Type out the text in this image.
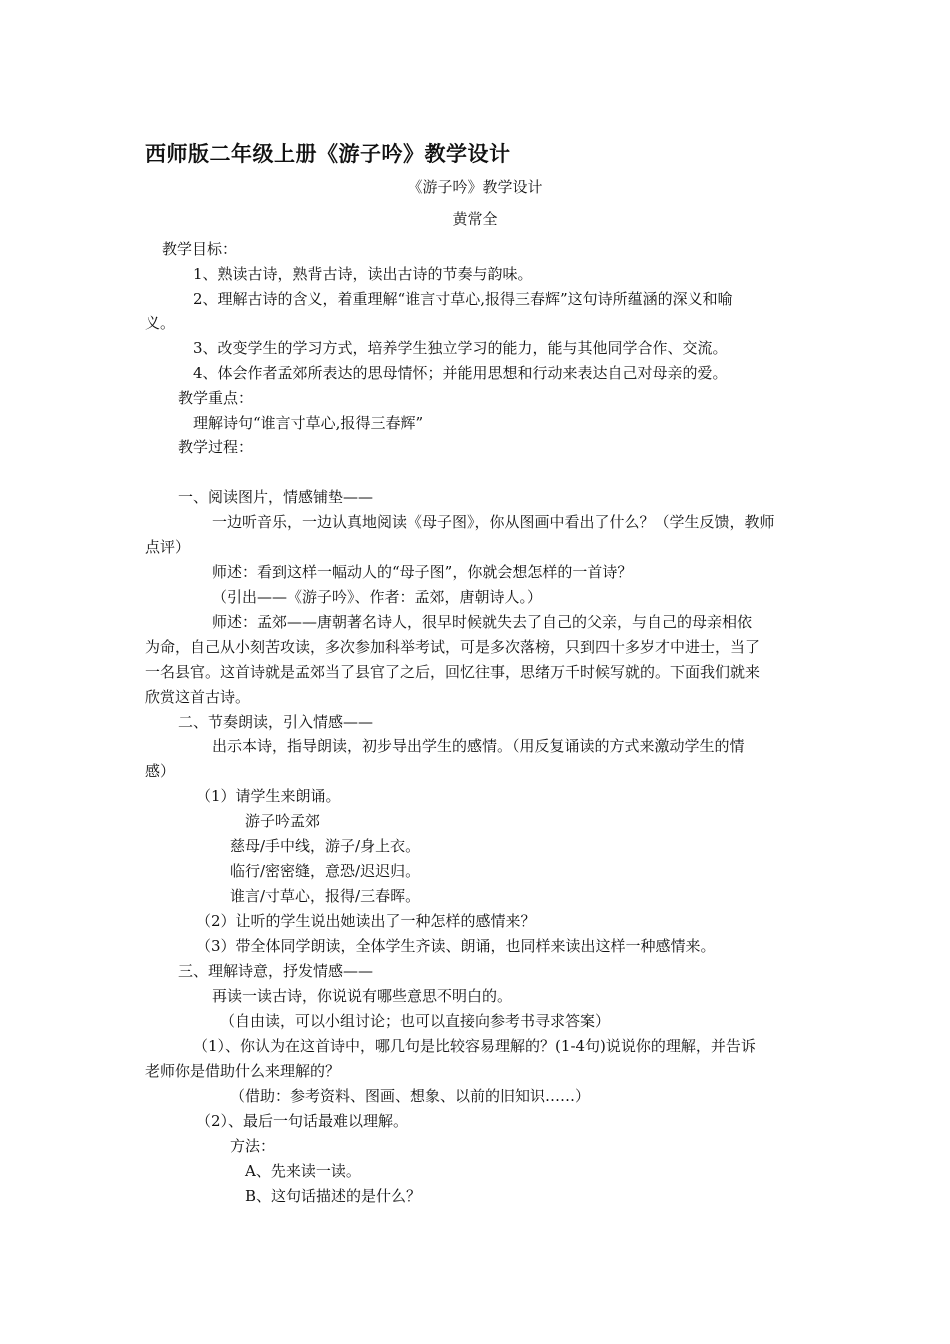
西师版二年级上册《游子吟》教学设计
《游子吟》教学设计
黄常全
教学目标：
1、熟读古诗，熟背古诗，读出古诗的节奏与韵味。
2、理解古诗的含义，着重理解“谁言寸草心,报得三春辉”这句诗所蕴涵的深义和喻
义。
3、改变学生的学习方式，培养学生独立学习的能力，能与其他同学合作、交流。
4、体会作者孟郊所表达的思母情怀；并能用思想和行动来表达自己对母亲的爱。
教学重点：
理解诗句“谁言寸草心,报得三春辉”
教学过程：
一、阅读图片，情感铺垫——
一边听音乐，一边认真地阅读《母子图》，你从图画中看出了什么？（学生反馈，教师
点评）
师述：看到这样一幅动人的“母子图”，你就会想怎样的一首诗？
（引出——《游子吟》、作者：孟郊，唐朝诗人。）
师述：孟郊——唐朝著名诗人，很早时候就失去了自己的父亲，与自己的母亲相依
为命，自己从小刻苦攻读，多次参加科举考试，可是多次落榜，只到四十多岁才中进士，当了
一名县官。这首诗就是孟郊当了县官了之后，回忆往事，思绪万千时候写就的。下面我们就来
欣赏这首古诗。
二、节奏朗读，引入情感——
出示本诗，指导朗读，初步导出学生的感情。（用反复诵读的方式来激动学生的情
感）
（1）请学生来朗诵。
游子吟孟郊
慈母/手中线，游子/身上衣。
临行/密密缝，意恐/迟迟归。
谁言/寸草心，报得/三春晖。
（2）让听的学生说出她读出了一种怎样的感情来？
（3）带全体同学朗读，全体学生齐读、朗诵，也同样来读出这样一种感情来。
三、理解诗意，抒发情感——
再读一读古诗，你说说有哪些意思不明白的。
（自由读，可以小组讨论；也可以直接向参考书寻求答案）
（1）、你认为在这首诗中，哪几句是比较容易理解的？(1-4句)说说你的理解，并告诉
老师你是借助什么来理解的？
（借助：参考资料、图画、想象、以前的旧知识……）
（2）、最后一句话最难以理解。
方法：
A、先来读一读。
B、这句话描述的是什么？
